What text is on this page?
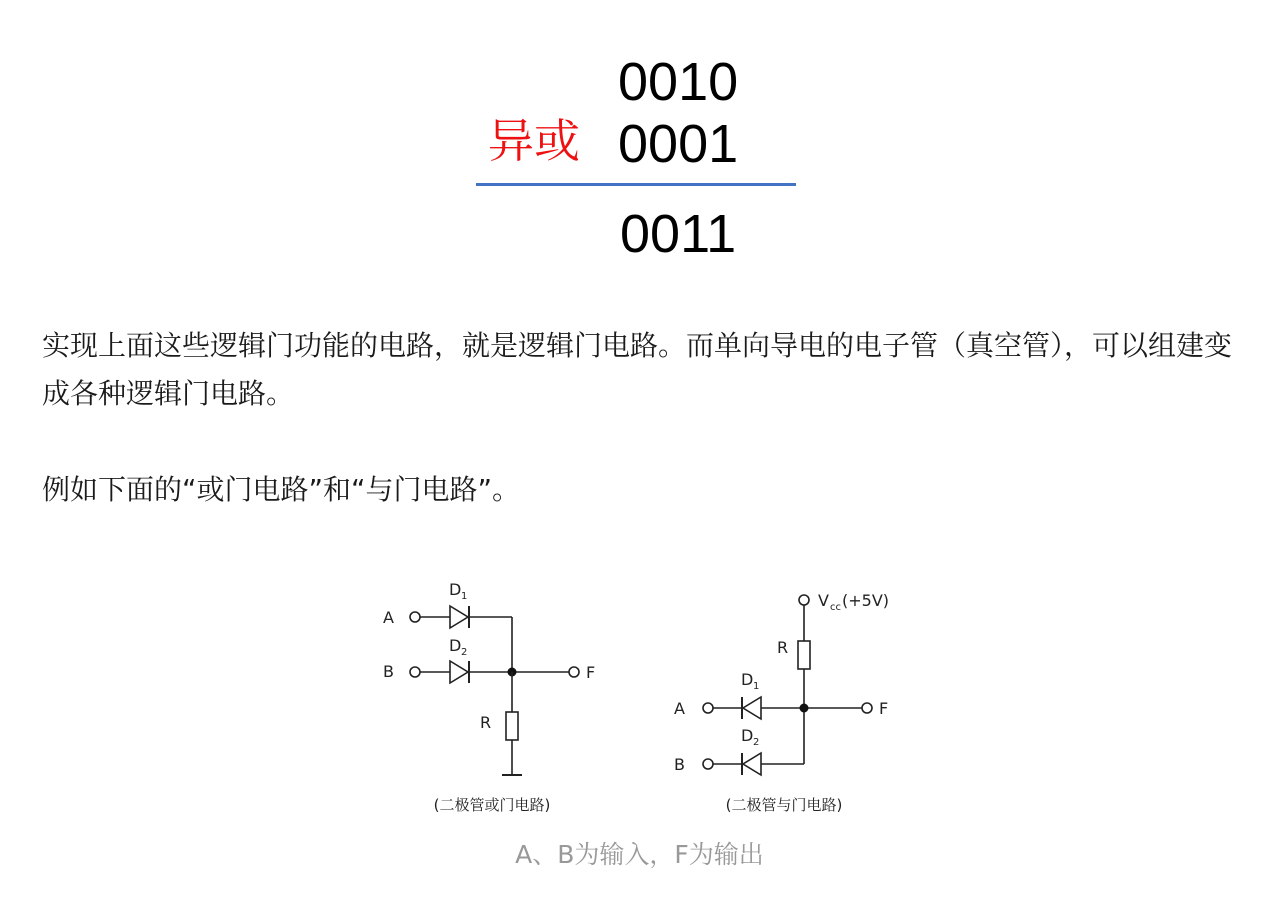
0010
异或 0001
0011

实现上面这些逻辑门功能的电路，就是逻辑门电路。而单向导电的电子管（真空管），可以组建变成各种逻辑门电路。

例如下面的“或门电路”和“与门电路”。

A
B	F
R
D 1
D 2
(二极管或门电路)
V cc (+5V)
R
D 1
D 2
A
B
F
(二极管与门电路)
A、B为输入，F为输出
